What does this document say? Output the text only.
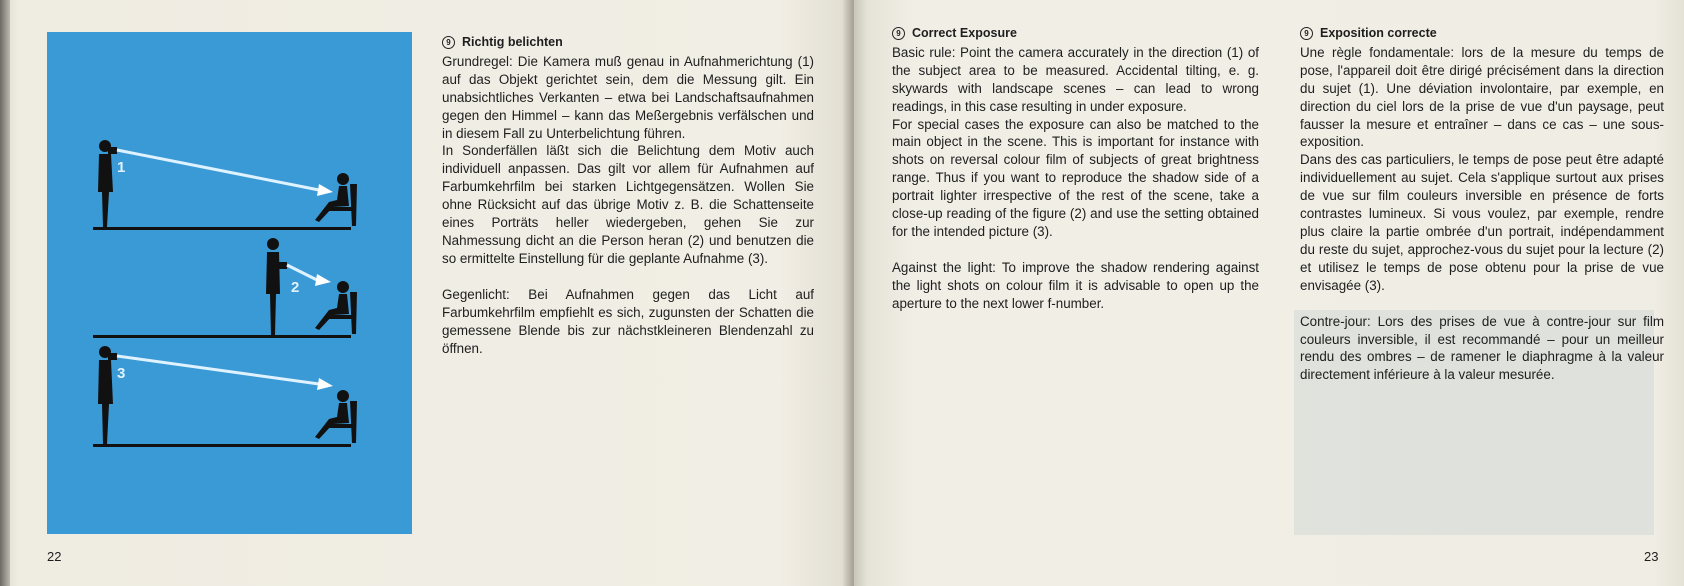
1
2
3
9 Richtig belichten

Grundregel: Die Kamera muß genau in Aufnahmerichtung (1) auf das Objekt gerichtet sein, dem die Messung gilt. Ein unabsichtliches Verkanten – etwa bei Landschaftsaufnahmen gegen den Himmel – kann das Meßergebnis verfälschen und in diesem Fall zu Unterbelichtung führen.

In Sonderfällen läßt sich die Belichtung dem Motiv auch individuell anpassen. Das gilt vor allem für Aufnahmen auf Farbumkehrfilm bei starken Lichtgegensätzen. Wollen Sie ohne Rücksicht auf das übrige Motiv z. B. die Schattenseite eines Porträts heller wiedergeben, gehen Sie zur Nahmessung dicht an die Person heran (2) und benutzen die so ermittelte Einstellung für die geplante Aufnahme (3).

Gegenlicht: Bei Aufnahmen gegen das Licht auf Farbumkehrfilm empfiehlt es sich, zugunsten der Schatten die gemessene Blende bis zur nächstkleineren Blendenzahl zu öffnen.

22
9 Correct Exposure

Basic rule: Point the camera accurately in the direction (1) of the subject area to be measured. Accidental tilting, e. g. skywards with landscape scenes – can lead to wrong readings, in this case resulting in under exposure.

For special cases the exposure can also be matched to the main object in the scene. This is important for instance with shots on reversal colour film of subjects of great brightness range. Thus if you want to reproduce the shadow side of a portrait lighter irrespective of the rest of the scene, take a close-up reading of the figure (2) and use the setting obtained for the intended picture (3).

Against the light: To improve the shadow rendering against the light shots on colour film it is advisable to open up the aperture to the next lower f-number.

9 Exposition correcte

Une règle fondamentale: lors de la mesure du temps de pose, l'appareil doit être dirigé précisément dans la direction du sujet (1). Une déviation involontaire, par exemple, en direction du ciel lors de la prise de vue d'un paysage, peut fausser la mesure et entraîner – dans ce cas – une sous-exposition.

Dans des cas particuliers, le temps de pose peut être adapté individuellement au sujet. Cela s'applique surtout aux prises de vue sur film couleurs inversible en présence de forts contrastes lumineux. Si vous voulez, par exemple, rendre plus claire la partie ombrée d'un portrait, indépendamment du reste du sujet, approchez-vous du sujet pour la lecture (2) et utilisez le temps de pose obtenu pour la prise de vue envisagée (3).

Contre-jour: Lors des prises de vue à contre-jour sur film couleurs inversible, il est recommandé – pour un meilleur rendu des ombres – de ramener le diaphragme à la valeur directement inférieure à la valeur mesurée.

23
